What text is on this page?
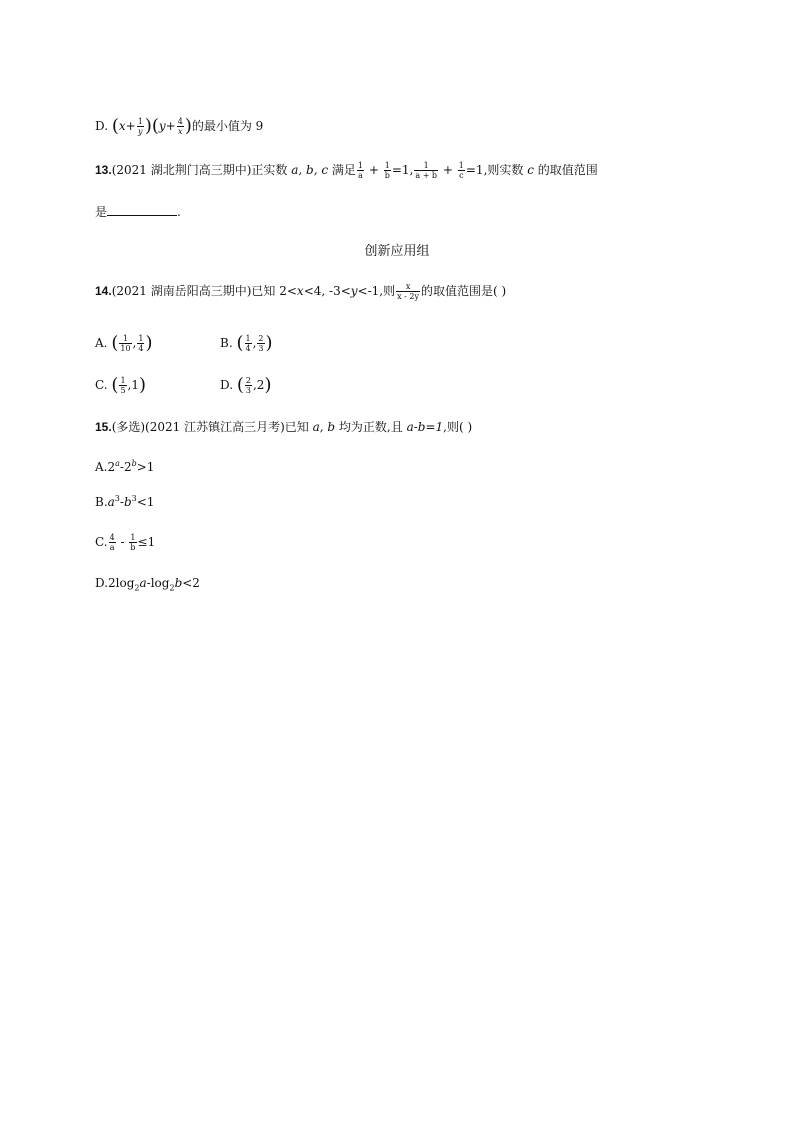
D. $(x+ \frac{1}{y} )(y+ \frac{4}{x}$ )的最小值为 9
13.(2021 湖北荆门高三期中)正实数 a, b, c 满足 $\frac{1}{a} + \frac{1}{b} =1$, $\frac{1}{a + b} + \frac{1}{c} =1$,则实数 c 的取值范围
是	.
创新应用组
14.(2021 湖南岳阳高三期中)已知 2<x<4, -3<y<-1,则 $\frac{x}{x - 2y}$ 的取值范围是( )
A. ( $\frac{1}{10}$ , $\frac{1}{4}$ )	B. ( $\frac{1}{4}$ , $\frac{2}{3}$ )
C. ( $\frac{1}{5} ,1$)	D. ( $\frac{2}{3} ,2$)
15.(多选)(2021 江苏镇江高三月考)已知 a, b 均为正数,且 a-b=1,则( )
$A.2^a-2^b>1$
$B.a^3-b^3<1$
C. $\frac{4}{a} - \frac{1}{b} \le 1$
$D.2\log_2a-\log_2b<2$
